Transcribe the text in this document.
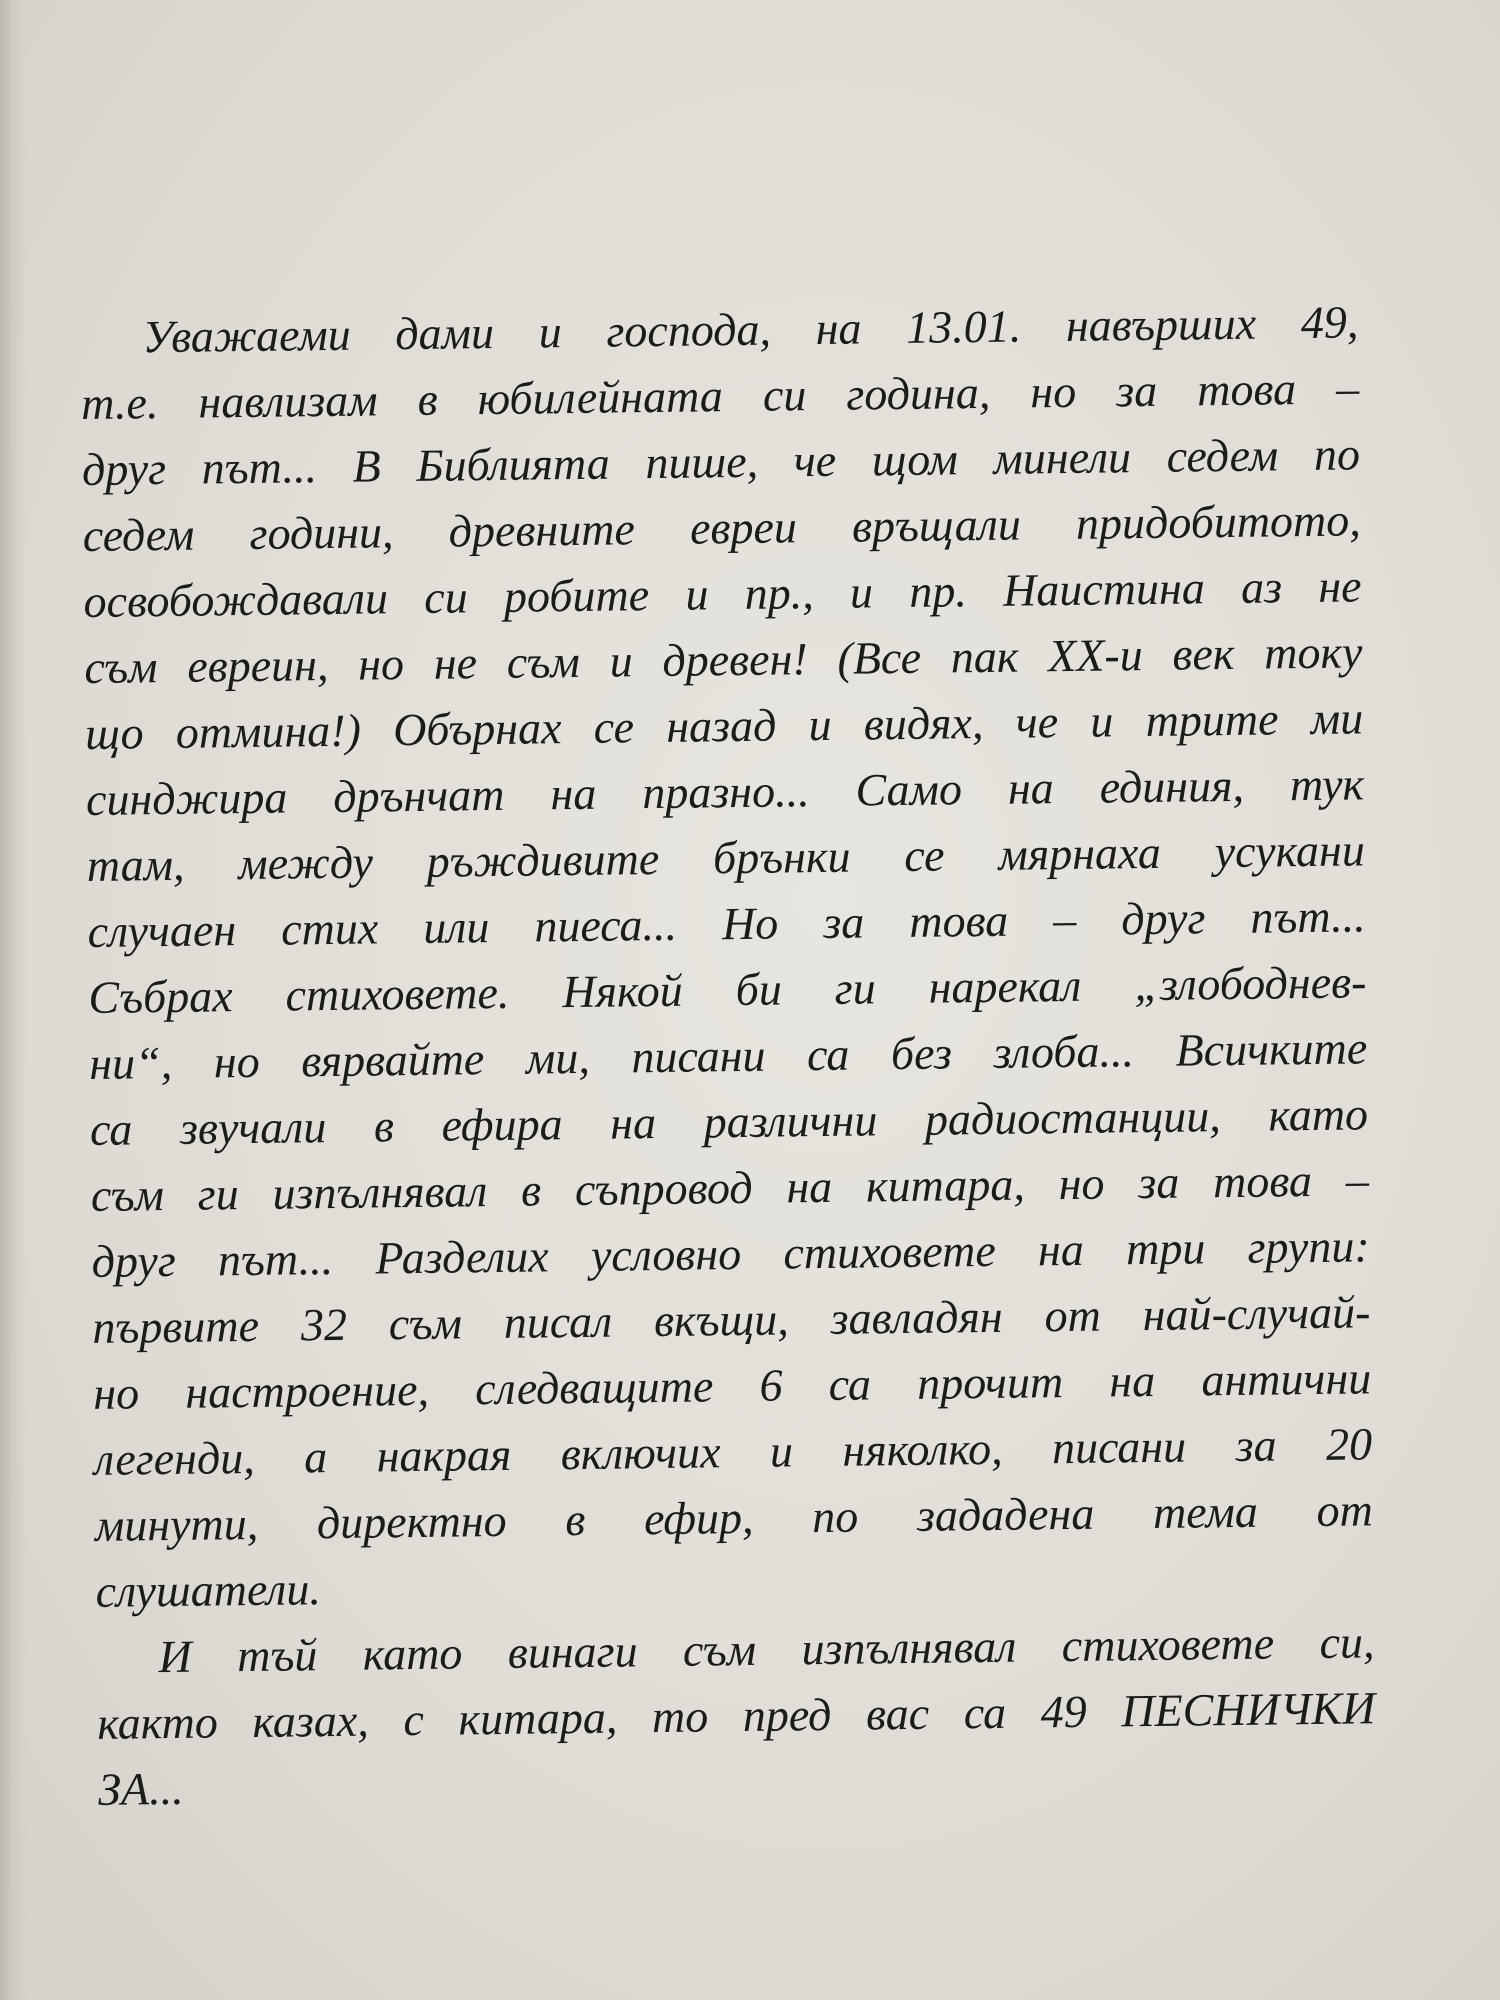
Уважаеми дами и господа, на 13.01. навърших 49,
т.е. навлизам в юбилейната си година, но за това –
друг път... В Библията пише, че щом минели седем по
седем години, древните евреи връщали придобитото,
освобождавали си робите и пр., и пр. Наистина аз не
съм евреин, но не съм и древен! (Все пак ХХ-и век току
що отмина!) Обърнах се назад и видях, че и трите ми
синджира дрънчат на празно... Само на единия, тук
там, между ръждивите брънки се мярнаха усукани
случаен стих или пиеса... Но за това – друг път...
Събрах стиховете. Някой би ги нарекал „злободнев-
ни“, но вярвайте ми, писани са без злоба... Всичките
са звучали в ефира на различни радиостанции, като
съм ги изпълнявал в съпровод на китара, но за това –
друг път... Разделих условно стиховете на три групи:
първите 32 съм писал вкъщи, завладян от най-случай-
но настроение, следващите 6 са прочит на антични
легенди, а накрая включих и няколко, писани за 20
минути, директно в ефир, по зададена тема от
слушатели.
И тъй като винаги съм изпълнявал стиховете си,
както казах, с китара, то пред вас са 49 ПЕСНИЧКИ
ЗА...
